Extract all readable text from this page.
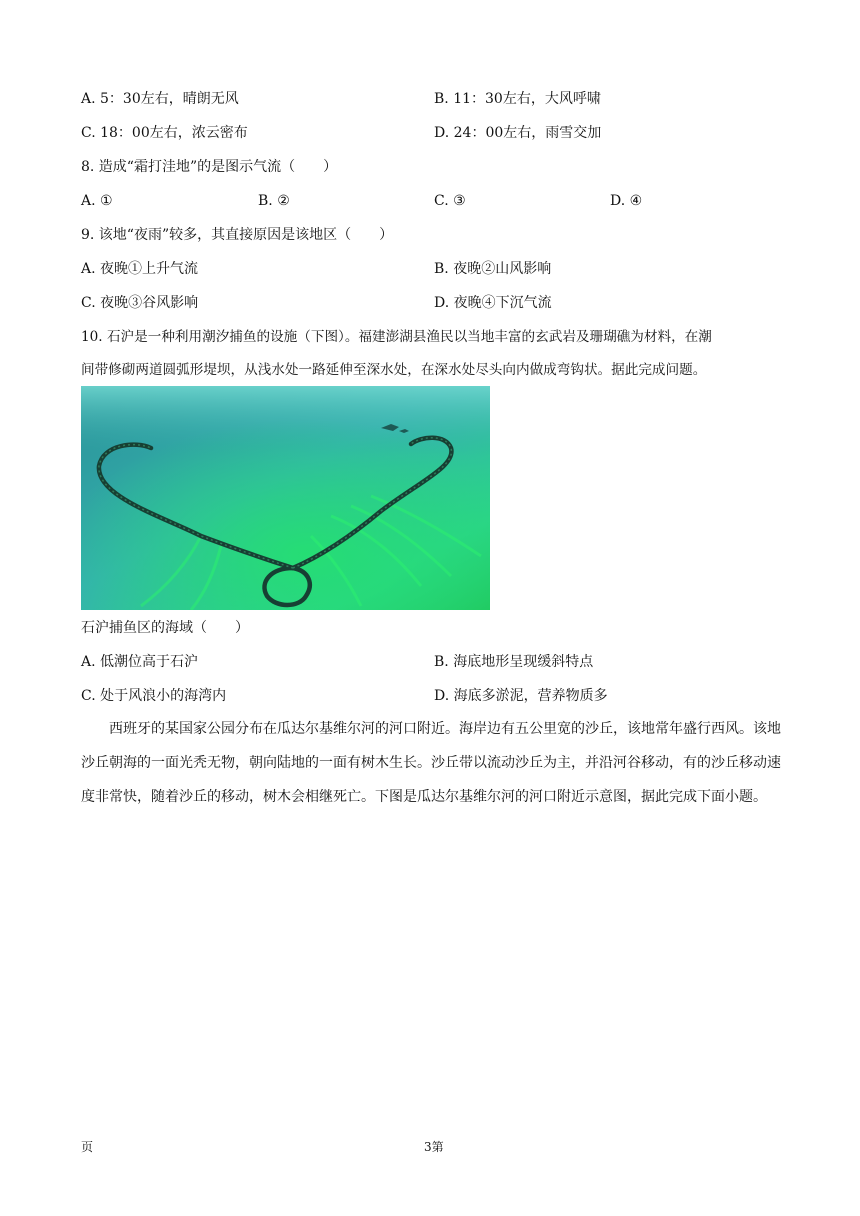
A. 5：30左右，晴朗无风	B. 11：30左右，大风呼啸
C. 18：00左右，浓云密布	D. 24：00左右，雨雪交加
8. 造成“霜打洼地”的是图示气流（　　）
A. ①	B. ②	C. ③	D. ④
9. 该地“夜雨”较多，其直接原因是该地区（　　）
A. 夜晚①上升气流	B. 夜晚②山风影响
C. 夜晚③谷风影响	D. 夜晚④下沉气流
10. 石沪是一种利用潮汐捕鱼的设施（下图）。福建澎湖县渔民以当地丰富的玄武岩及珊瑚礁为材料，在潮
间带修砌两道圆弧形堤坝，从浅水处一路延伸至深水处，在深水处尽头向内做成弯钩状。据此完成问题。
石沪捕鱼区的海域（　　）
A. 低潮位高于石沪	B. 海底地形呈现缓斜特点
C. 处于风浪小的海湾内	D. 海底多淤泥，营养物质多
西班牙的某国家公园分布在瓜达尔基维尔河的河口附近。海岸边有五公里宽的沙丘，该地常年盛行西风。该地沙丘朝海的一面光秃无物，朝向陆地的一面有树木生长。沙丘带以流动沙丘为主，并沿河谷移动，有的沙丘移动速度非常快，随着沙丘的移动，树木会相继死亡。下图是瓜达尔基维尔河的河口附近示意图，据此完成下面小题。
页	3第
